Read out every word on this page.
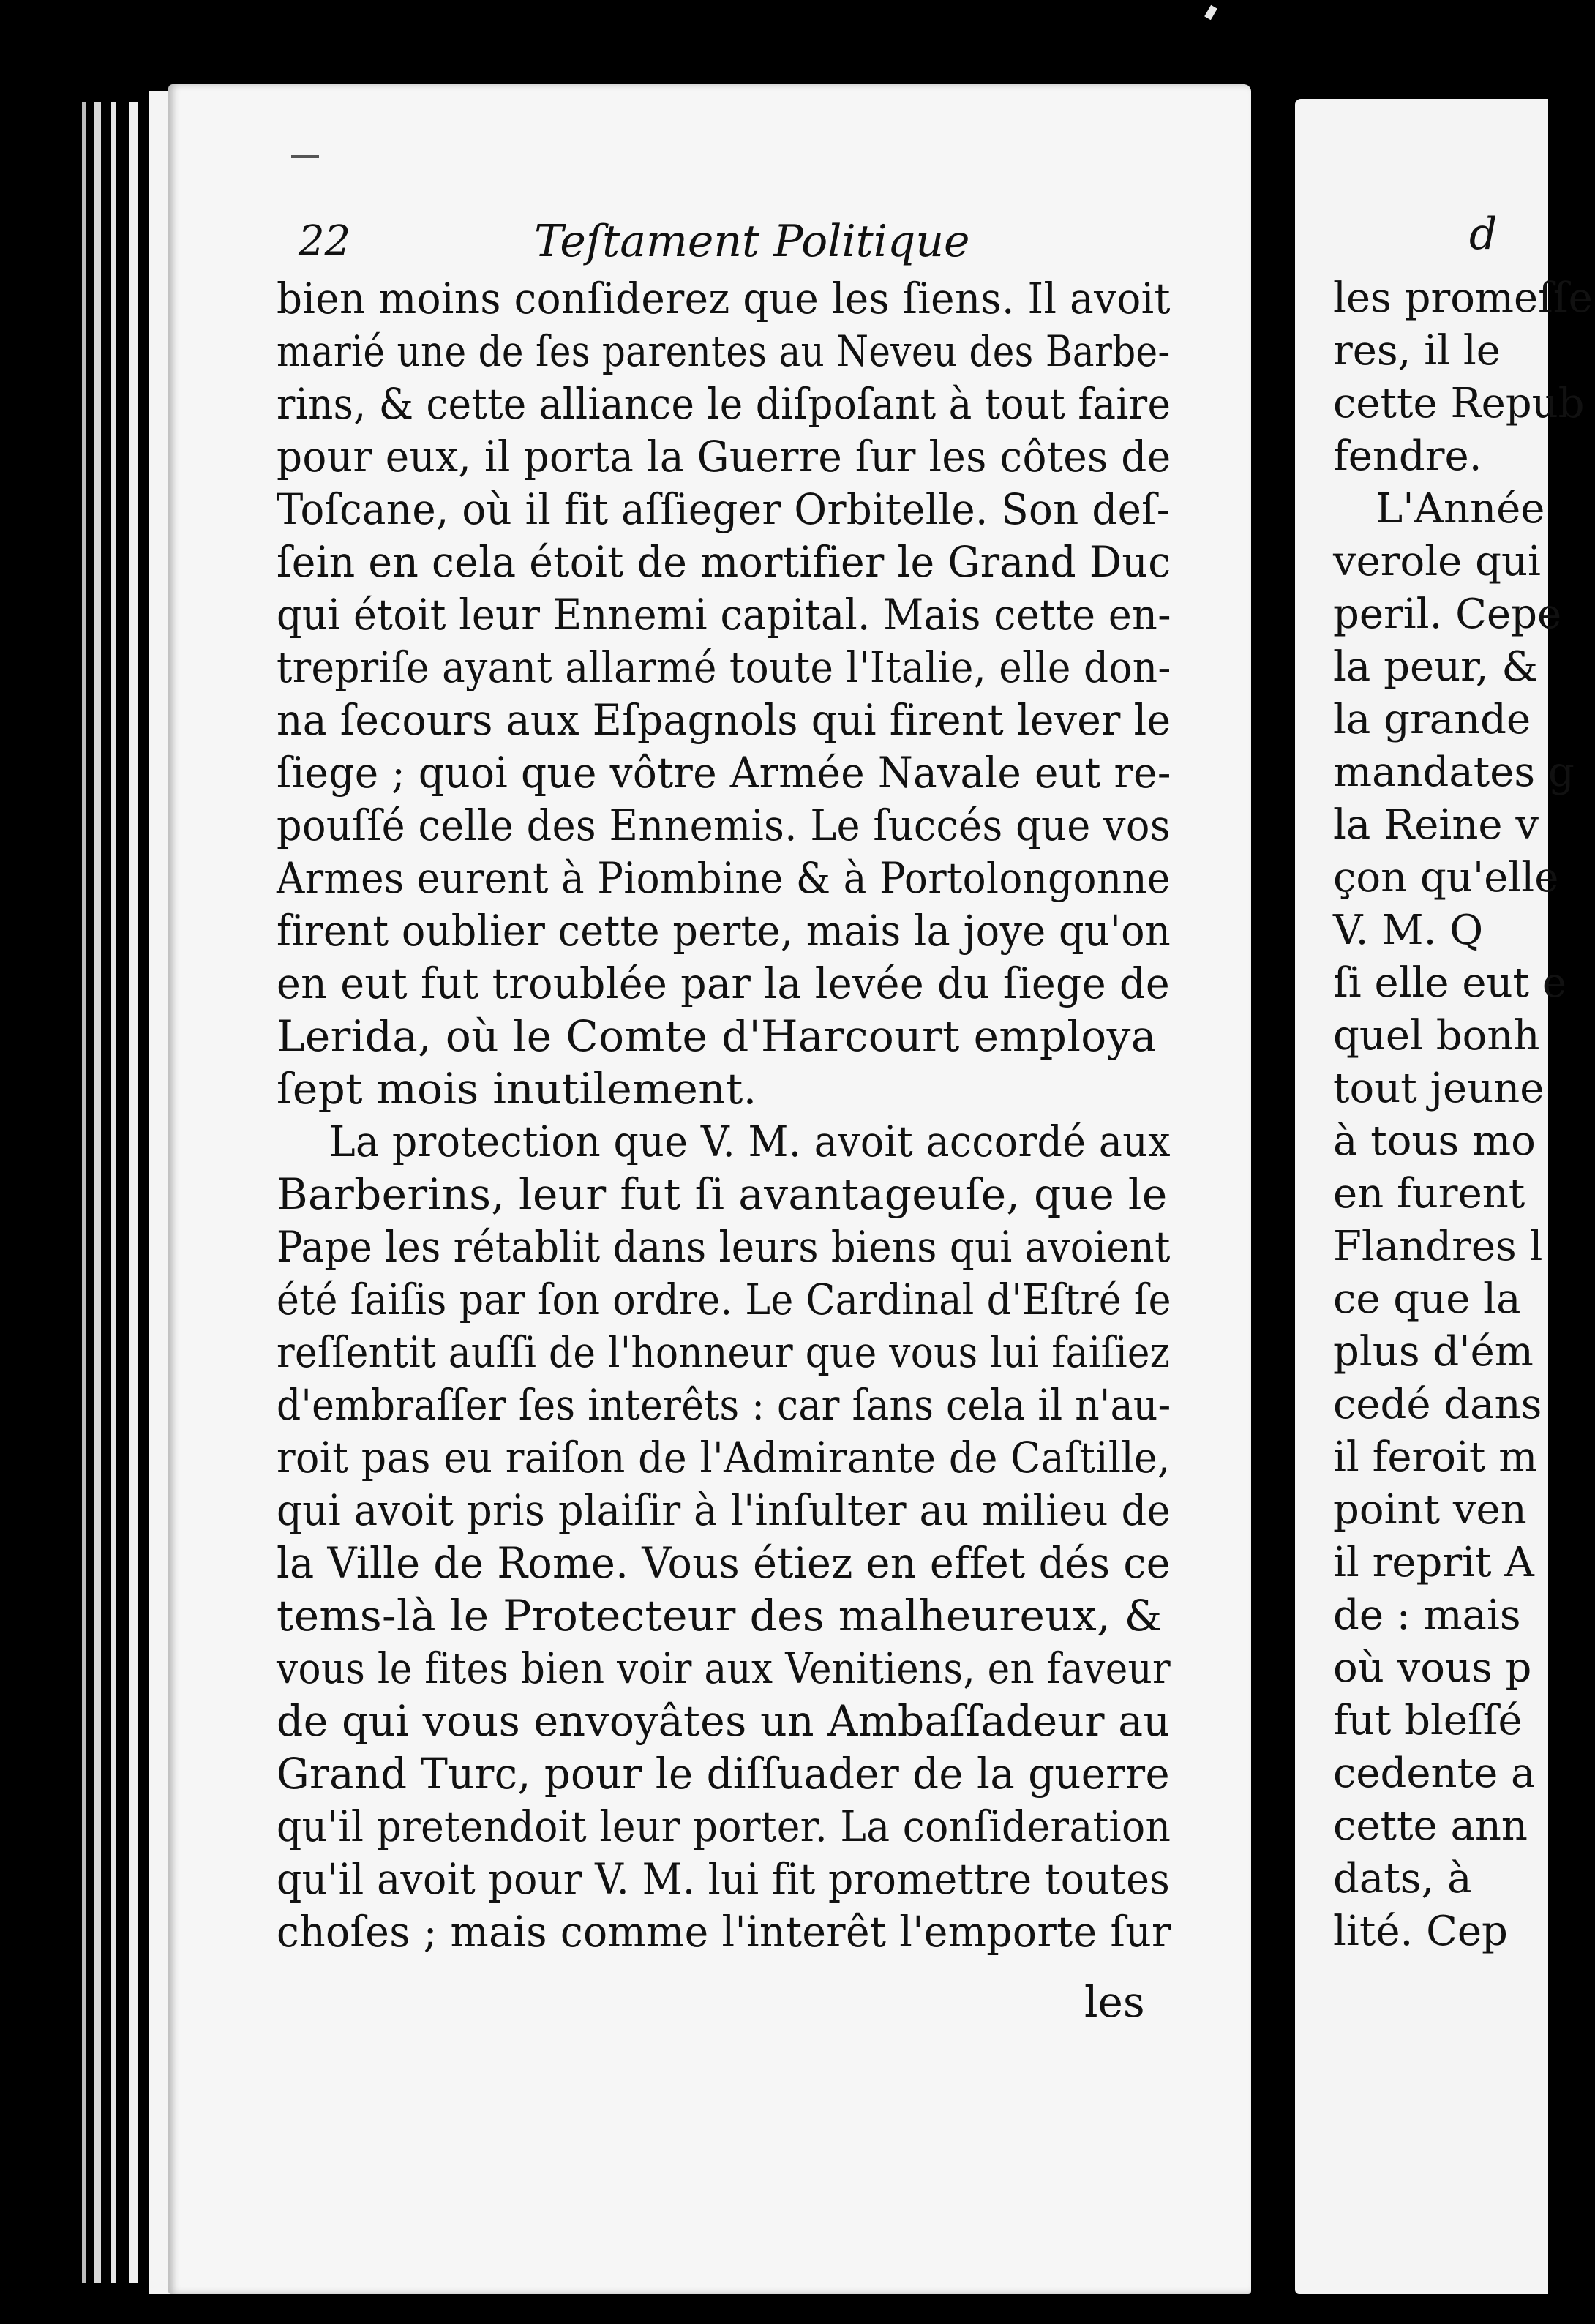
22	Teſtament Politique
bien moins conſiderez que les ſiens. Il avoit
marié une de ſes parentes au Neveu des Barbe-
rins, & cette alliance le diſpoſant à tout faire
pour eux, il porta la Guerre ſur les côtes de
Toſcane, où il fit aſſieger Orbitelle. Son deſ-
ſein en cela étoit de mortifier le Grand Duc
qui étoit leur Ennemi capital. Mais cette en-
trepriſe ayant allarmé toute l'Italie, elle don-
na ſecours aux Eſpagnols qui firent lever le
ſiege ; quoi que vôtre Armée Navale eut re-
pouſſé celle des Ennemis. Le ſuccés que vos
Armes eurent à Piombine & à Portolongonne
firent oublier cette perte, mais la joye qu'on
en eut fut troublée par la levée du ſiege de
Lerida, où le Comte d'Harcourt employa
ſept mois inutilement.
La protection que V. M. avoit accordé aux
Barberins, leur fut ſi avantageuſe, que le
Pape les rétablit dans leurs biens qui avoient
été ſaiſis par ſon ordre. Le Cardinal d'Eſtré ſe
reſſentit auſſi de l'honneur que vous lui faiſiez
d'embraſſer ſes interêts : car ſans cela il n'au-
roit pas eu raiſon de l'Admirante de Caſtille,
qui avoit pris plaiſir à l'inſulter au milieu de
la Ville de Rome. Vous étiez en effet dés ce
tems-là le Protecteur des malheureux, &
vous le fites bien voir aux Venitiens, en faveur
de qui vous envoyâtes un Ambaſſadeur au
Grand Turc, pour le diſſuader de la guerre
qu'il pretendoit leur porter. La conſideration
qu'il avoit pour V. M. lui fit promettre toutes
choſes ; mais comme l'interêt l'emporte ſur
les
d
les promeſſe
res, il le
cette Repub
fendre.
L'Année
verole qui
peril. Cepe
la peur, &
la grande
mandates g
la Reine v
çon qu'elle
V. M. Q
ſi elle eut e
quel bonh
tout jeune
à tous mo
en furent
Flandres l
ce que la
plus d'ém
cedé dans
il feroit m
point ven
il reprit A
de : mais
où vous p
fut bleſſé
cedente a
cette ann
dats, à
lité. Cep
